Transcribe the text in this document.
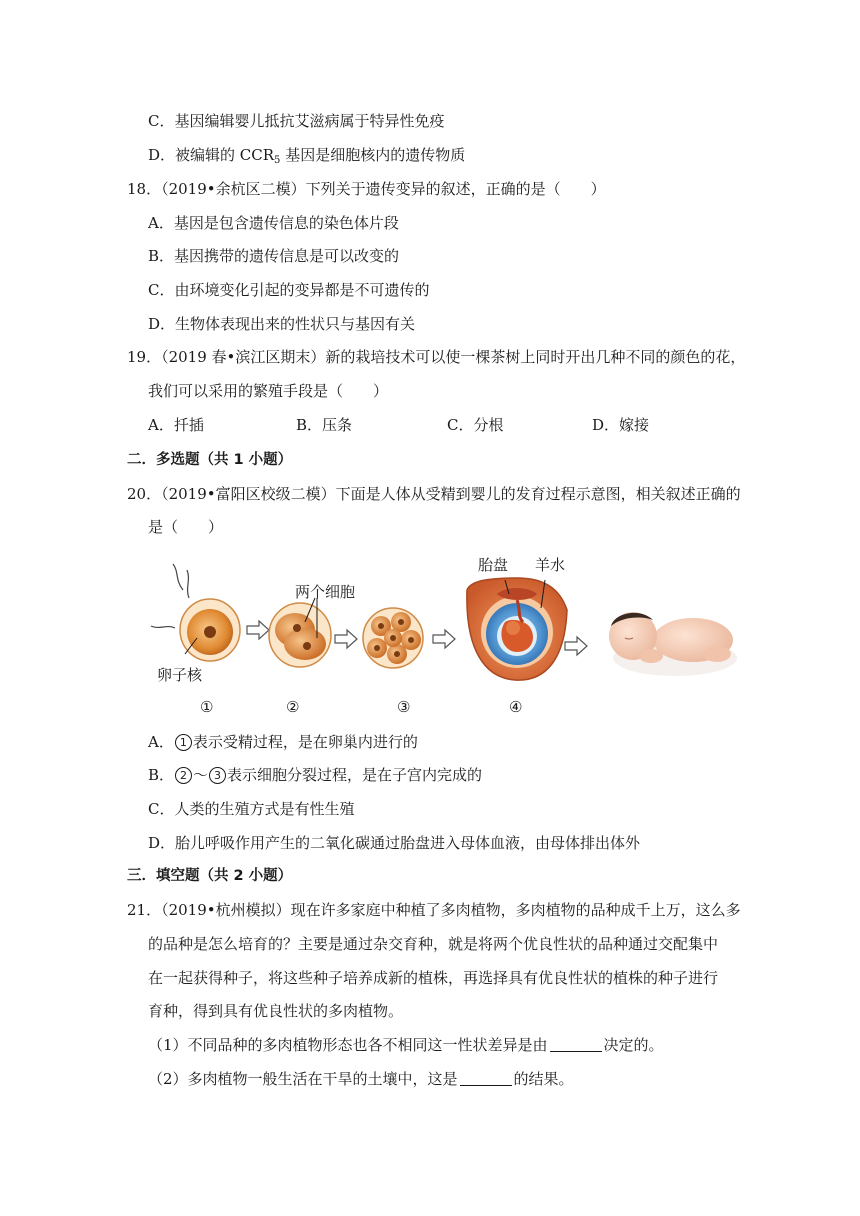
C．基因编辑婴儿抵抗艾滋病属于特异性免疫
D．被编辑的 $CCR_5$ 基因是细胞核内的遗传物质
18．（2019•余杭区二模）下列关于遗传变异的叙述，正确的是（　　）
A．基因是包含遗传信息的染色体片段
B．基因携带的遗传信息是可以改变的
C．由环境变化引起的变异都是不可遗传的
D．生物体表现出来的性状只与基因有关
19．（2019 春•滨江区期末）新的栽培技术可以使一棵茶树上同时开出几种不同的颜色的花，
我们可以采用的繁殖手段是（　　）
A．扦插	B．压条	C．分根	D．嫁接
二．多选题（共 1 小题）
20．（2019•富阳区校级二模）下面是人体从受精到婴儿的发育过程示意图，相关叙述正确的
是（　　）
卵子核
两个细胞
胎盘 羊水
①	②	③	④
A． 1 表示受精过程，是在卵巢内进行的
B． 2 ～ 3 表示细胞分裂过程，是在子宫内完成的
C．人类的生殖方式是有性生殖
D．胎儿呼吸作用产生的二氧化碳通过胎盘进入母体血液，由母体排出体外
三．填空题（共 2 小题）
21．（2019•杭州模拟）现在许多家庭中种植了多肉植物，多肉植物的品种成千上万，这么多
的品种是怎么培育的？主要是通过杂交育种，就是将两个优良性状的品种通过交配集中
在一起获得种子，将这些种子培养成新的植株，再选择具有优良性状的植株的种子进行
育种，得到具有优良性状的多肉植物。
（1）不同品种的多肉植物形态也各不相同这一性状差异是由	决定的。
（2）多肉植物一般生活在干旱的土壤中，这是	的结果。
